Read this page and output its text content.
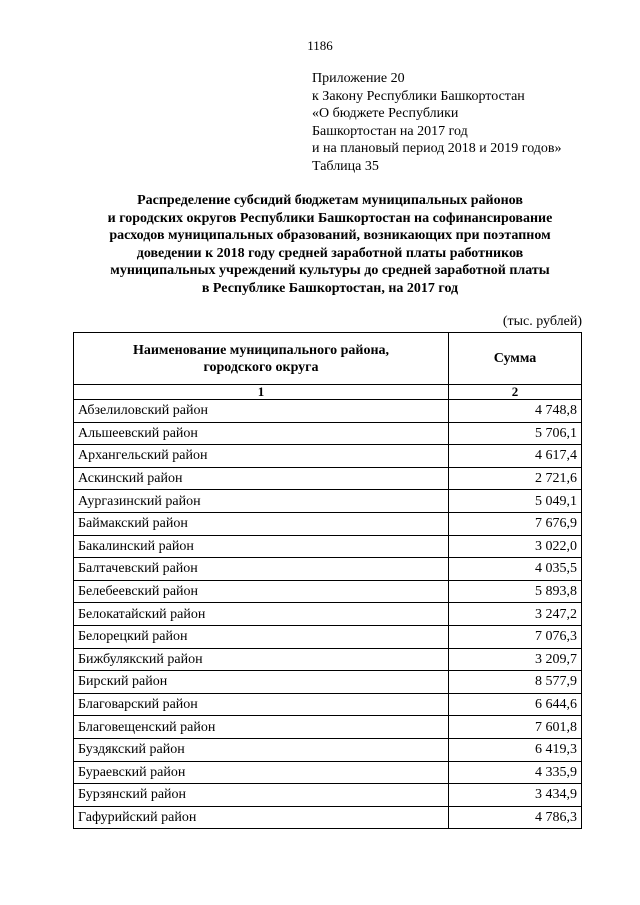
1186
Приложение 20
к Закону Республики Башкортостан
«О бюджете Республики
Башкортостан на 2017 год
и на плановый период 2018 и 2019 годов»
Таблица 35
Распределение субсидий бюджетам муниципальных районов
и городских округов Республики Башкортостан на софинансирование
расходов муниципальных образований, возникающих при поэтапном
доведении к 2018 году средней заработной платы работников
муниципальных учреждений культуры до средней заработной платы
в Республике Башкортостан, на 2017 год
(тыс. рублей)
Наименование муниципального района,
городского округа	Сумма
1	2
Абзелиловский район	4 748,8
Альшеевский район	5 706,1
Архангельский район	4 617,4
Аскинский район	2 721,6
Аургазинский район	5 049,1
Баймакский район	7 676,9
Бакалинский район	3 022,0
Балтачевский район	4 035,5
Белебеевский район	5 893,8
Белокатайский район	3 247,2
Белорецкий район	7 076,3
Бижбулякский район	3 209,7
Бирский район	8 577,9
Благоварский район	6 644,6
Благовещенский район	7 601,8
Буздякский район	6 419,3
Бураевский район	4 335,9
Бурзянский район	3 434,9
Гафурийский район	4 786,3
